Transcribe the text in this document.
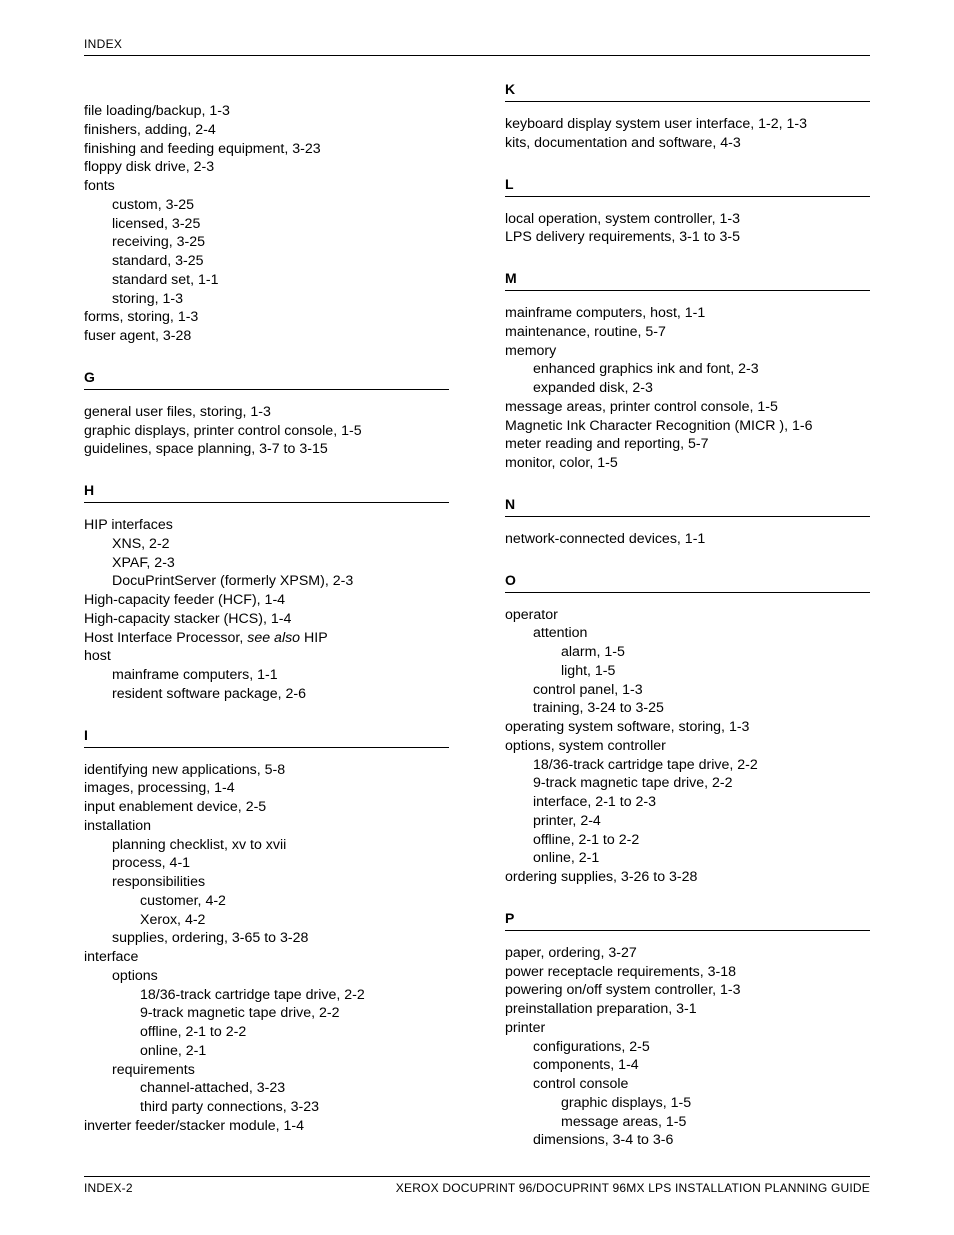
INDEX
file loading/backup, 1-3
finishers, adding, 2-4
finishing and feeding equipment, 3-23
floppy disk drive, 2-3
fonts
custom, 3-25
licensed, 3-25
receiving, 3-25
standard, 3-25
standard set, 1-1
storing, 1-3
forms, storing, 1-3
fuser agent, 3-28
G
general user files, storing, 1-3
graphic displays, printer control console, 1-5
guidelines, space planning, 3-7 to 3-15
H
HIP interfaces
XNS, 2-2
XPAF, 2-3
DocuPrintServer (formerly XPSM), 2-3
High-capacity feeder (HCF), 1-4
High-capacity stacker (HCS), 1-4
Host Interface Processor, see also HIP
host
mainframe computers, 1-1
resident software package, 2-6
I
identifying new applications, 5-8
images, processing, 1-4
input enablement device, 2-5
installation
planning checklist, xv to xvii
process, 4-1
responsibilities
customer, 4-2
Xerox, 4-2
supplies, ordering, 3-65 to 3-28
interface
options
18/36-track cartridge tape drive, 2-2
9-track magnetic tape drive, 2-2
offline, 2-1 to 2-2
online, 2-1
requirements
channel-attached, 3-23
third party connections, 3-23
inverter feeder/stacker module, 1-4
K
keyboard display system user interface, 1-2, 1-3
kits, documentation and software, 4-3
L
local operation, system controller, 1-3
LPS delivery requirements, 3-1 to 3-5
M
mainframe computers, host, 1-1
maintenance, routine, 5-7
memory
enhanced graphics ink and font, 2-3
expanded disk, 2-3
message areas, printer control console, 1-5
Magnetic Ink Character Recognition (MICR ), 1-6
meter reading and reporting, 5-7
monitor, color, 1-5
N
network-connected devices, 1-1
O
operator
attention
alarm, 1-5
light, 1-5
control panel, 1-3
training, 3-24 to 3-25
operating system software, storing, 1-3
options, system controller
18/36-track cartridge tape drive, 2-2
9-track magnetic tape drive, 2-2
interface, 2-1 to 2-3
printer, 2-4
offline, 2-1 to 2-2
online, 2-1
ordering supplies, 3-26 to 3-28
P
paper, ordering, 3-27
power receptacle requirements, 3-18
powering on/off system controller, 1-3
preinstallation preparation, 3-1
printer
configurations, 2-5
components, 1-4
control console
graphic displays, 1-5
message areas, 1-5
dimensions, 3-4 to 3-6
INDEX-2	XEROX DOCUPRINT 96/DOCUPRINT 96MX LPS INSTALLATION PLANNING GUIDE
